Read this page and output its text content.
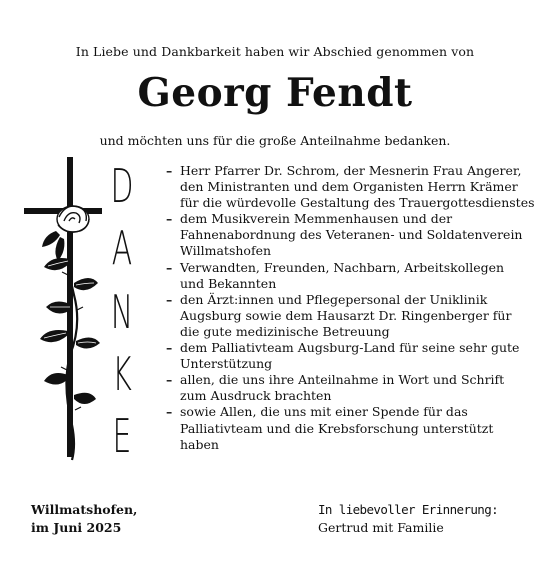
In Liebe und Dankbarkeit haben wir Abschied genommen von
Georg Fendt
und möchten uns für die große Anteilnahme bedanken.
D
A
N
K
E
– Herr Pfarrer Dr. Schrom, der Mesnerin Frau Angerer,
den Ministranten und dem Organisten Herrn Krämer
für die würdevolle Gestaltung des Trauergottesdienstes
– dem Musikverein Memmenhausen und der
Fahnenabordnung des Veteranen- und Soldatenverein
Willmatshofen
– Verwandten, Freunden, Nachbarn, Arbeitskollegen
und Bekannten
– den Ärzt:innen und Pflegepersonal der Uniklinik
Augsburg sowie dem Hausarzt Dr. Ringenberger für
die gute medizinische Betreuung
– dem Palliativteam Augsburg-Land für seine sehr gute
Unterstützung
– allen, die uns ihre Anteilnahme in Wort und Schrift
zum Ausdruck brachten
– sowie Allen, die uns mit einer Spende für das
Palliativteam und die Krebsforschung unterstützt
haben
Willmatshofen,
im Juni 2025
In liebevoller Erinnerung:
Gertrud mit Familie
